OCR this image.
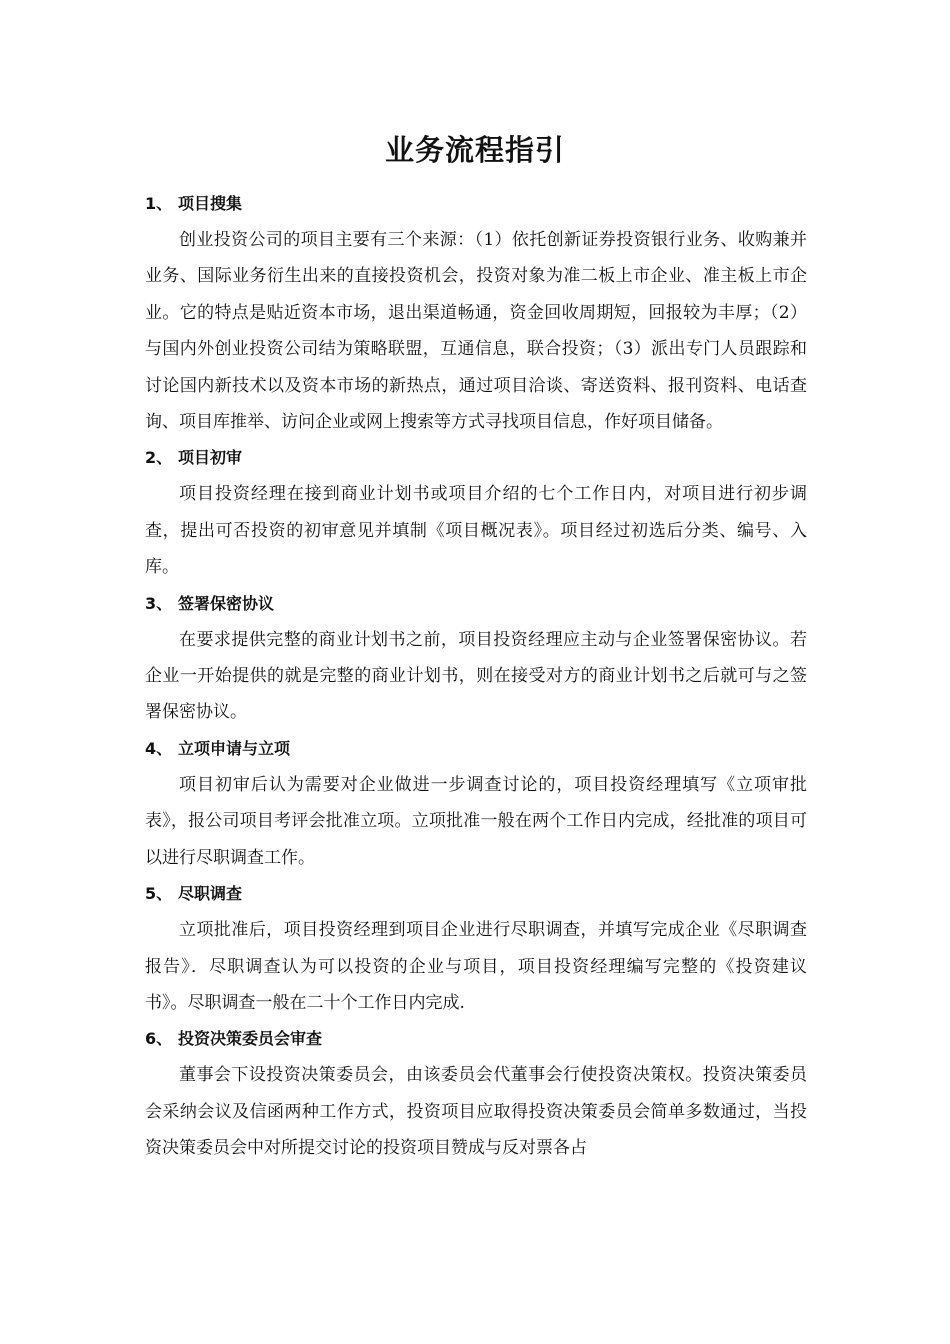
业务流程指引
1、 项目搜集

创业投资公司的项目主要有三个来源：（1）依托创新证券投资银行业务、收购兼并业务、国际业务衍生出来的直接投资机会，投资对象为准二板上市企业、准主板上市企业。它的特点是贴近资本市场，退出渠道畅通，资金回收周期短，回报较为丰厚；（2）与国内外创业投资公司结为策略联盟，互通信息，联合投资；（3）派出专门人员跟踪和讨论国内新技术以及资本市场的新热点，通过项目洽谈、寄送资料、报刊资料、电话查询、项目库推举、访问企业或网上搜索等方式寻找项目信息，作好项目储备。

2、 项目初审

项目投资经理在接到商业计划书或项目介绍的七个工作日内，对项目进行初步调查，提出可否投资的初审意见并填制《项目概况表》。项目经过初选后分类、编号、入库。

3、 签署保密协议

在要求提供完整的商业计划书之前，项目投资经理应主动与企业签署保密协议。若企业一开始提供的就是完整的商业计划书，则在接受对方的商业计划书之后就可与之签署保密协议。

4、 立项申请与立项

项目初审后认为需要对企业做进一步调查讨论的，项目投资经理填写《立项审批表》，报公司项目考评会批准立项。立项批准一般在两个工作日内完成，经批准的项目可以进行尽职调查工作。

5、 尽职调查

立项批准后，项目投资经理到项目企业进行尽职调查，并填写完成企业《尽职调查报告》．尽职调查认为可以投资的企业与项目，项目投资经理编写完整的《投资建议书》。尽职调查一般在二十个工作日内完成.

6、 投资决策委员会审查

董事会下设投资决策委员会，由该委员会代董事会行使投资决策权。投资决策委员会采纳会议及信函两种工作方式，投资项目应取得投资决策委员会简单多数通过，当投资决策委员会中对所提交讨论的投资项目赞成与反对票各占
